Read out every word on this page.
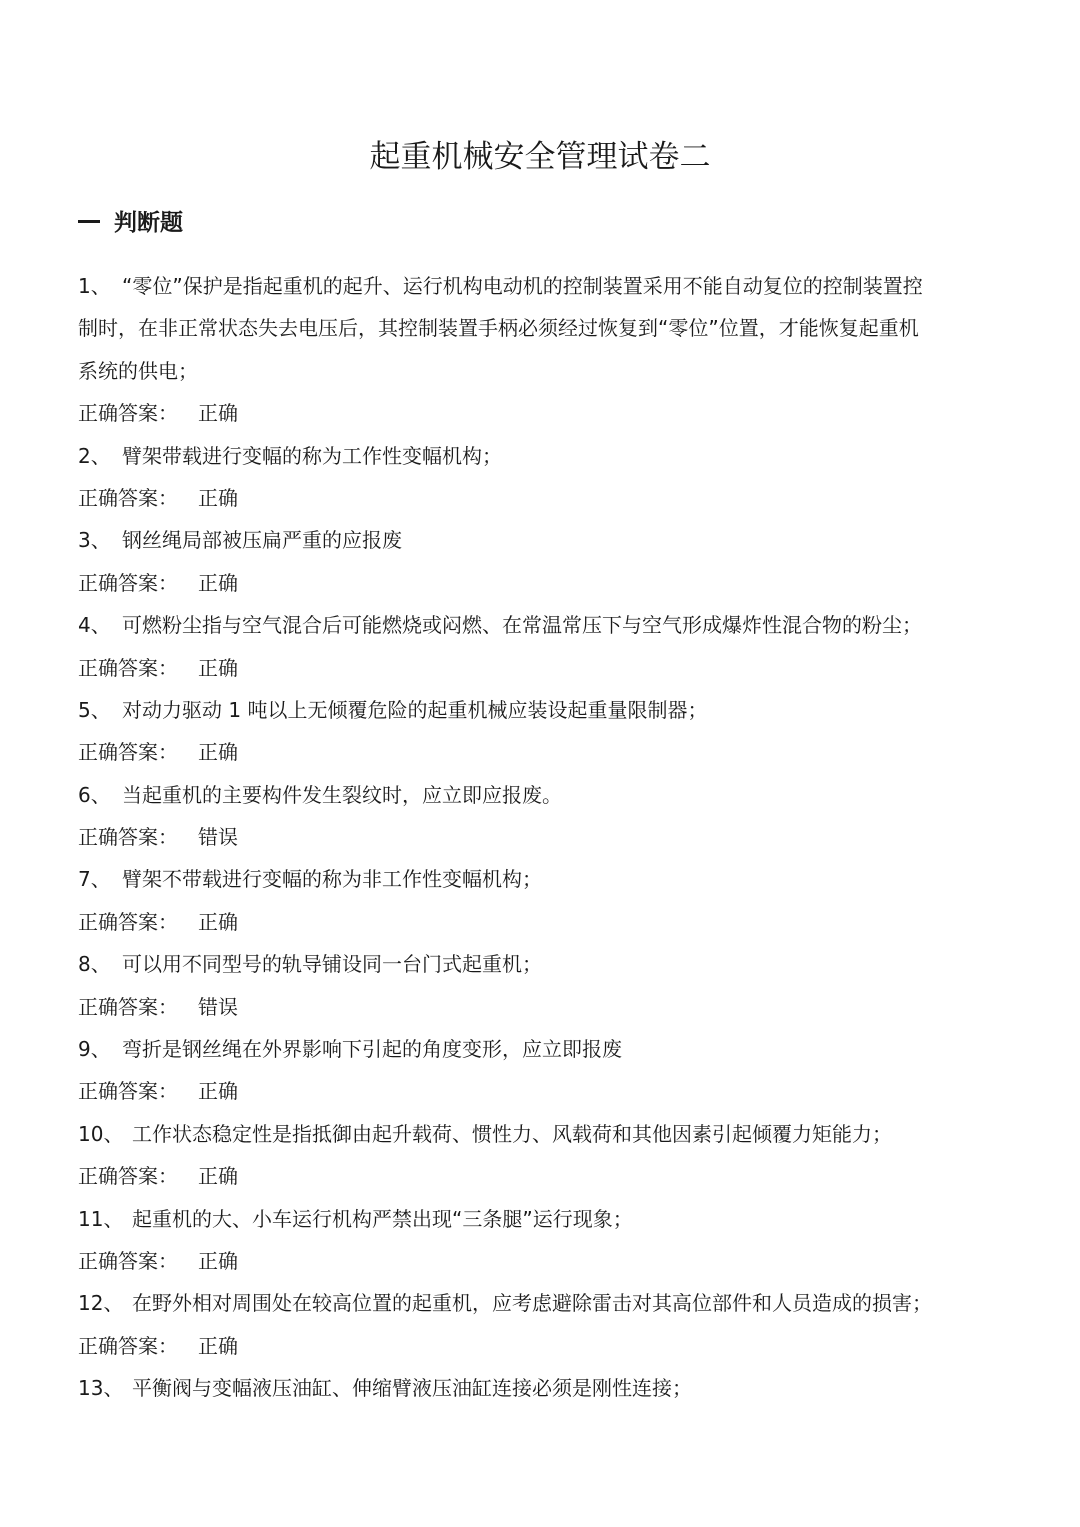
起重机械安全管理试卷二
判断题
1、 “零位”保护是指起重机的起升、运行机构电动机的控制装置采用不能自动复位的控制装置控
制时，在非正常状态失去电压后，其控制装置手柄必须经过恢复到“零位”位置，才能恢复起重机
系统的供电；
正确答案： 正确
2、 臂架带载进行变幅的称为工作性变幅机构；
正确答案： 正确
3、 钢丝绳局部被压扁严重的应报废
正确答案： 正确
4、 可燃粉尘指与空气混合后可能燃烧或闷燃、在常温常压下与空气形成爆炸性混合物的粉尘；
正确答案： 正确
5、 对动力驱动 1 吨以上无倾覆危险的起重机械应装设起重量限制器；
正确答案： 正确
6、 当起重机的主要构件发生裂纹时，应立即应报废。
正确答案： 错误
7、 臂架不带载进行变幅的称为非工作性变幅机构；
正确答案： 正确
8、 可以用不同型号的轨导铺设同一台门式起重机；
正确答案： 错误
9、 弯折是钢丝绳在外界影响下引起的角度变形，应立即报废
正确答案： 正确
10、 工作状态稳定性是指抵御由起升载荷、惯性力、风载荷和其他因素引起倾覆力矩能力；
正确答案： 正确
11、 起重机的大、小车运行机构严禁出现“三条腿”运行现象；
正确答案： 正确
12、 在野外相对周围处在较高位置的起重机，应考虑避除雷击对其高位部件和人员造成的损害；
正确答案： 正确
13、 平衡阀与变幅液压油缸、伸缩臂液压油缸连接必须是刚性连接；
